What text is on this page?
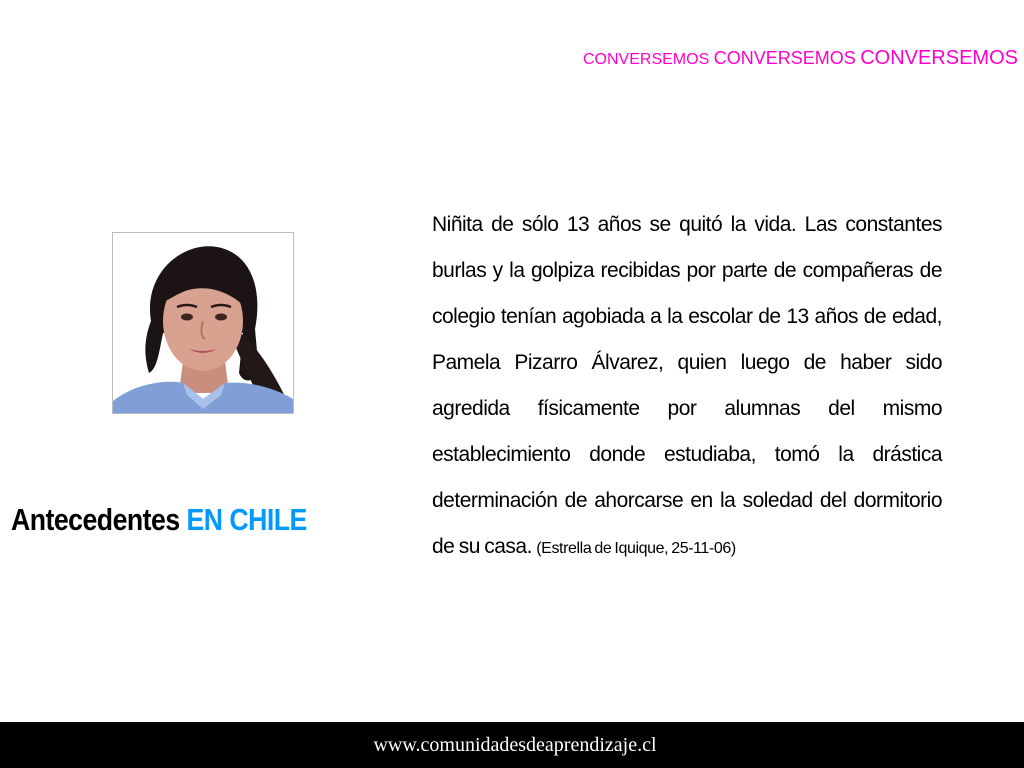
CONVERSEMOS CONVERSEMOS CONVERSEMOS
Antecedentes EN CHILE
Niñita de sólo 13 años se quitó la vida. Las constantes burlas y la golpiza recibidas por parte de compañeras de colegio tenían agobiada a la escolar de 13 años de edad, Pamela Pizarro Álvarez, quien luego de haber sido agredida físicamente por alumnas del mismo establecimiento donde estudiaba, tomó la drástica determinación de ahorcarse en la soledad del dormitorio de su casa. (Estrella de Iquique, 25-11-06)
www.comunidadesdeaprendizaje.cl
